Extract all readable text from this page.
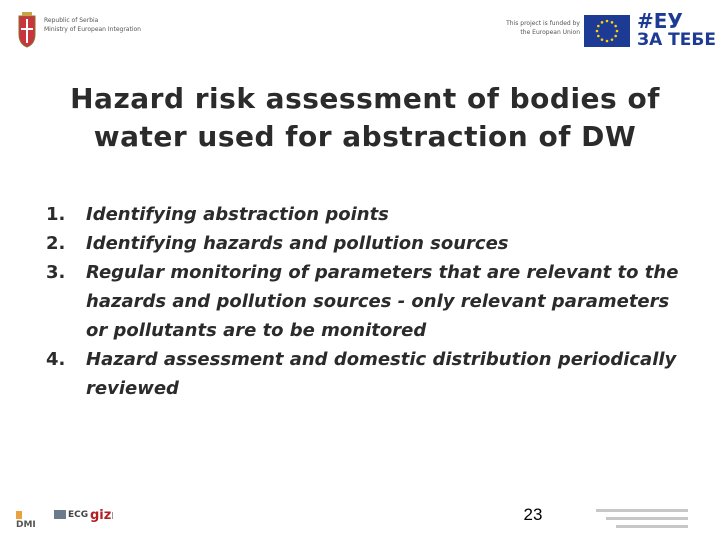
Republic of Serbia
Ministry of European Integration
This project is funded by
the European Union	#ЕУ
ЗА ТЕБЕ
Hazard risk assessment of bodies of
water used for abstraction of DW
1. Identifying abstraction points
2. Identifying hazards and pollution sources
3. Regular monitoring of parameters that are relevant to the hazards and pollution sources - only relevant parameters or pollutants are to be monitored
4. Hazard assessment and domestic distribution periodically reviewed
DMI
ECG giz	23
